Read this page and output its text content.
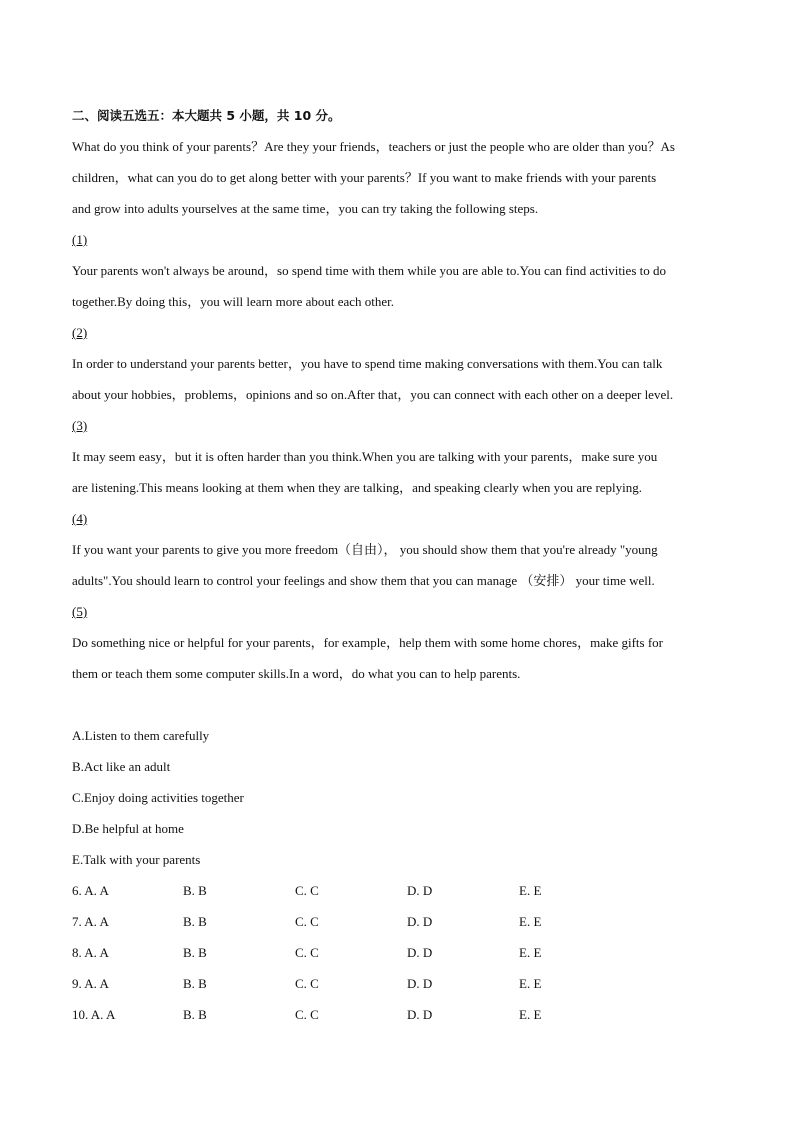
二、阅读五选五：本大题共 5 小题，共 10 分。
What do you think of your parents？Are they your friends，teachers or just the people who are older than you？As
children，what can you do to get along better with your parents？If you want to make friends with your parents
and grow into adults yourselves at the same time，you can try taking the following steps.
(1)
Your parents won't always be around，so spend time with them while you are able to.You can find activities to do
together.By doing this，you will learn more about each other.
(2)
In order to understand your parents better，you have to spend time making conversations with them.You can talk
about your hobbies，problems，opinions and so on.After that，you can connect with each other on a deeper level.
(3)
It may seem easy，but it is often harder than you think.When you are talking with your parents，make sure you
are listening.This means looking at them when they are talking，and speaking clearly when you are replying.
(4)
If you want your parents to give you more freedom（自由）， you should show them that you're already "young
adults".You should learn to control your feelings and show them that you can manage （安排） your time well.
(5)
Do something nice or helpful for your parents，for example，help them with some home chores，make gifts for
them or teach them some computer skills.In a word，do what you can to help parents.
A.Listen to them carefully
B.Act like an adult
C.Enjoy doing activities together
D.Be helpful at home
E.Talk with your parents
6. A. A	B. B	C. C	D. D	E. E
7. A. A	B. B	C. C	D. D	E. E
8. A. A	B. B	C. C	D. D	E. E
9. A. A	B. B	C. C	D. D	E. E
10. A. A	B. B	C. C	D. D	E. E
